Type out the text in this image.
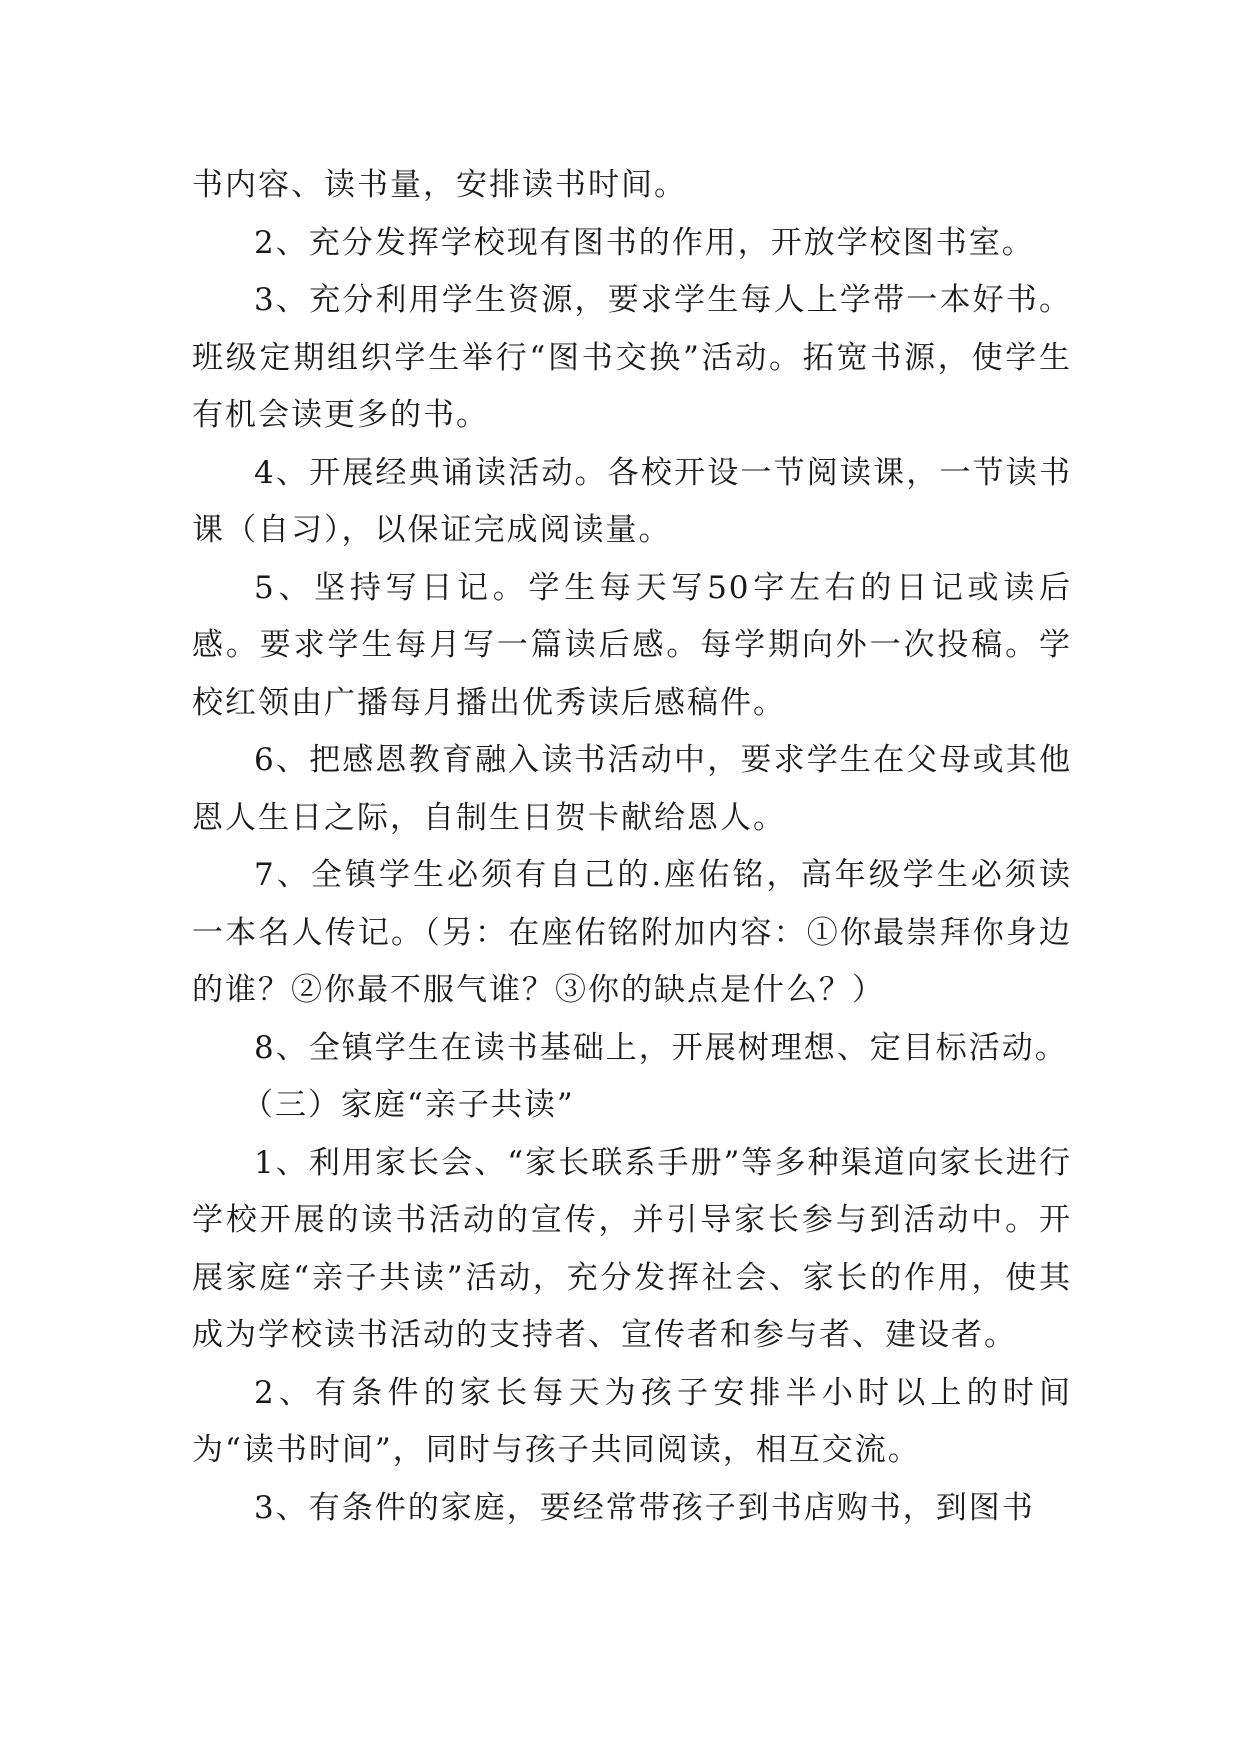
书内容、读书量，安排读书时间。

2、充分发挥学校现有图书的作用，开放学校图书室。

3、充分利用学生资源，要求学生每人上学带一本好书。班级定期组织学生举行“图书交换”活动。拓宽书源，使学生有机会读更多的书。

4、开展经典诵读活动。各校开设一节阅读课，一节读书课（自习），以保证完成阅读量。

5、坚持写日记。学生每天写50字左右的日记或读后感。要求学生每月写一篇读后感。每学期向外一次投稿。学校红领由广播每月播出优秀读后感稿件。

6、把感恩教育融入读书活动中，要求学生在父母或其他恩人生日之际，自制生日贺卡献给恩人。

7、全镇学生必须有自己的.座佑铭，高年级学生必须读一本名人传记。（另：在座佑铭附加内容：①你最崇拜你身边的谁？②你最不服气谁？③你的缺点是什么？）

8、全镇学生在读书基础上，开展树理想、定目标活动。

（三）家庭“亲子共读”

1、利用家长会、“家长联系手册”等多种渠道向家长进行学校开展的读书活动的宣传，并引导家长参与到活动中。开展家庭“亲子共读”活动，充分发挥社会、家长的作用，使其成为学校读书活动的支持者、宣传者和参与者、建设者。

2、有条件的家长每天为孩子安排半小时以上的时间为“读书时间”，同时与孩子共同阅读，相互交流。

3、有条件的家庭，要经常带孩子到书店购书，到图书
